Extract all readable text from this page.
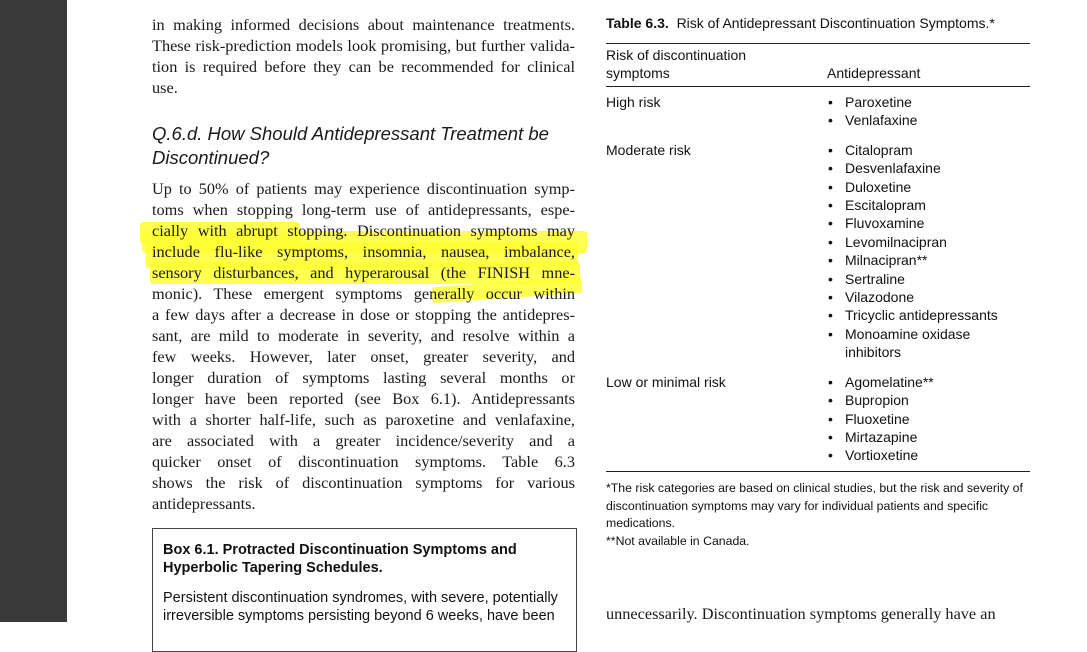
in making informed decisions about maintenance treatments.
These risk-prediction models look promising, but further valida-
tion is required before they can be recommended for clinical use.
Q.6.d. How Should Antidepressant Treatment be
Discontinued?
Up to 50% of patients may experience discontinuation symp-
toms when stopping long-term use of antidepressants, espe-
cially with abrupt stopping. Discontinuation symptoms may
include flu-like symptoms, insomnia, nausea, imbalance,
sensory disturbances, and hyperarousal (the FINISH mne-
monic). These emergent symptoms generally occur within
a few days after a decrease in dose or stopping the antidepres-
sant, are mild to moderate in severity, and resolve within a
few weeks. However, later onset, greater severity, and
longer duration of symptoms lasting several months or
longer have been reported (see Box 6.1). Antidepressants
with a shorter half-life, such as paroxetine and venlafaxine,
are associated with a greater incidence/severity and a
quicker onset of discontinuation symptoms. Table 6.3
shows the risk of discontinuation symptoms for various
antidepressants.

Box 6.1. Protracted Discontinuation Symptoms and Hyperbolic Tapering Schedules.

Persistent discontinuation syndromes, with severe, potentially irreversible symptoms persisting beyond 6 weeks, have been

Table 6.3. Risk of Antidepressant Discontinuation Symptoms.*

Risk of discontinuation symptoms	Antidepressant
High risk	• Paroxetine
• Venlafaxine
Moderate risk	• Citalopram
• Desvenlafaxine
• Duloxetine
• Escitalopram
• Fluvoxamine
• Levomilnacipran
• Milnacipran**
• Sertraline
• Vilazodone
• Tricyclic antidepressants
• Monoamine oxidase
inhibitors
Low or minimal risk	• Agomelatine**
• Bupropion
• Fluoxetine
• Mirtazapine
• Vortioxetine

*The risk categories are based on clinical studies, but the risk and severity of discontinuation symptoms may vary for individual patients and specific medications.

**Not available in Canada.

unnecessarily. Discontinuation symptoms generally have an
